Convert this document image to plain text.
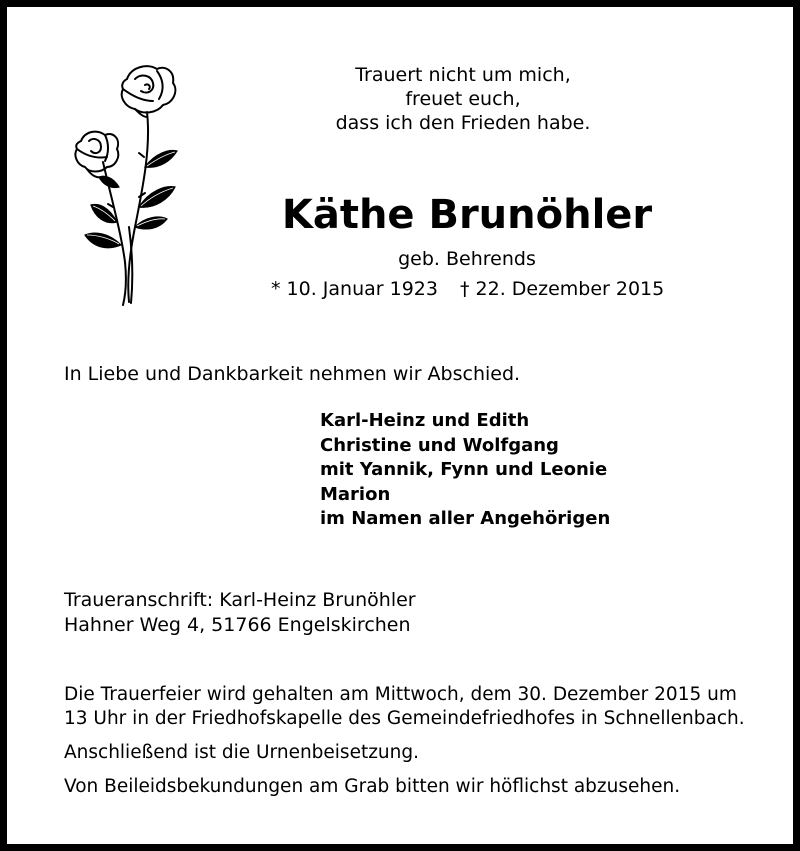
Trauert nicht um mich,
freuet euch,
dass ich den Frieden habe.
Käthe Brunöhler
geb. Behrends
* 10. Januar 1923 † 22. Dezember 2015
In Liebe und Dankbarkeit nehmen wir Abschied.
Karl-Heinz und Edith
Christine und Wolfgang
mit Yannik, Fynn und Leonie
Marion
im Namen aller Angehörigen
Traueranschrift: Karl-Heinz Brunöhler
Hahner Weg 4, 51766 Engelskirchen

Die Trauerfeier wird gehalten am Mittwoch, dem 30. Dezember 2015 um 13 Uhr in der Friedhofskapelle des Gemeindefriedhofes in Schnellenbach.

Anschließend ist die Urnenbeisetzung.

Von Beileidsbekundungen am Grab bitten wir höflichst abzusehen.
